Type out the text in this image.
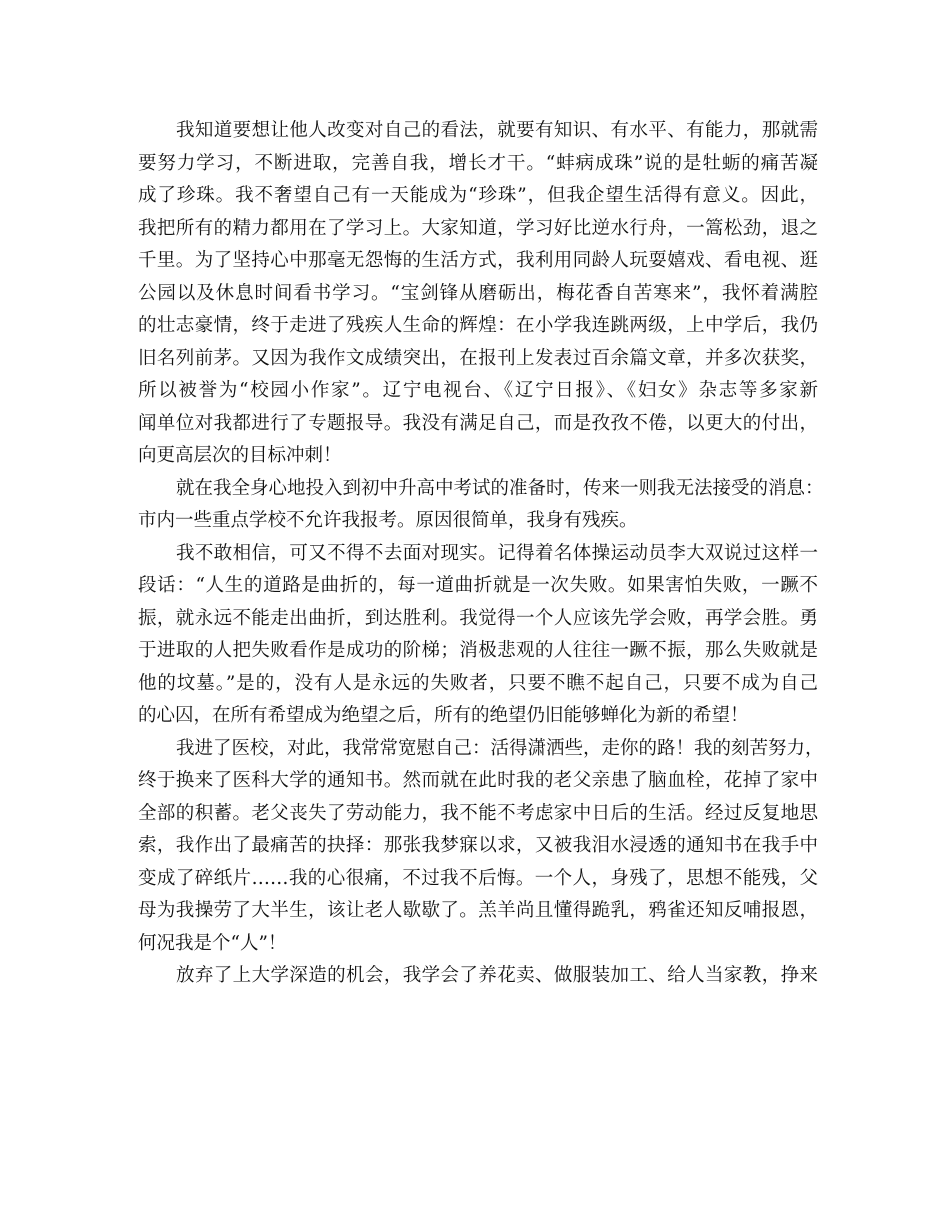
我知道要想让他人改变对自己的看法，就要有知识、有水平、有能力，那就需
要努力学习，不断进取，完善自我，增长才干。“蚌病成珠”说的是牡蛎的痛苦凝
成了珍珠。我不奢望自己有一天能成为“珍珠”，但我企望生活得有意义。因此，
我把所有的精力都用在了学习上。大家知道，学习好比逆水行舟，一篙松劲，退之
千里。为了坚持心中那毫无怨悔的生活方式，我利用同龄人玩耍嬉戏、看电视、逛
公园以及休息时间看书学习。“宝剑锋从磨砺出，梅花香自苦寒来”，我怀着满腔
的壮志豪情，终于走进了残疾人生命的辉煌：在小学我连跳两级，上中学后，我仍
旧名列前茅。又因为我作文成绩突出，在报刊上发表过百余篇文章，并多次获奖，
所以被誉为“校园小作家”。辽宁电视台、《辽宁日报》、《妇女》杂志等多家新
闻单位对我都进行了专题报导。我没有满足自己，而是孜孜不倦，以更大的付出，
向更高层次的目标冲刺！
就在我全身心地投入到初中升高中考试的准备时，传来一则我无法接受的消息：
市内一些重点学校不允许我报考。原因很简单，我身有残疾。
我不敢相信，可又不得不去面对现实。记得着名体操运动员李大双说过这样一
段话：“人生的道路是曲折的，每一道曲折就是一次失败。如果害怕失败，一蹶不
振，就永远不能走出曲折，到达胜利。我觉得一个人应该先学会败，再学会胜。勇
于进取的人把失败看作是成功的阶梯；消极悲观的人往往一蹶不振，那么失败就是
他的坟墓。”是的，没有人是永远的失败者，只要不瞧不起自己，只要不成为自己
的心囚，在所有希望成为绝望之后，所有的绝望仍旧能够蝉化为新的希望！
我进了医校，对此，我常常宽慰自己：活得潇洒些，走你的路！我的刻苦努力，
终于换来了医科大学的通知书。然而就在此时我的老父亲患了脑血栓，花掉了家中
全部的积蓄。老父丧失了劳动能力，我不能不考虑家中日后的生活。经过反复地思
索，我作出了最痛苦的抉择：那张我梦寐以求，又被我泪水浸透的通知书在我手中
变成了碎纸片……我的心很痛，不过我不后悔。一个人，身残了，思想不能残，父
母为我操劳了大半生，该让老人歇歇了。羔羊尚且懂得跪乳，鸦雀还知反哺报恩，
何况我是个“人”！
放弃了上大学深造的机会，我学会了养花卖、做服装加工、给人当家教，挣来
